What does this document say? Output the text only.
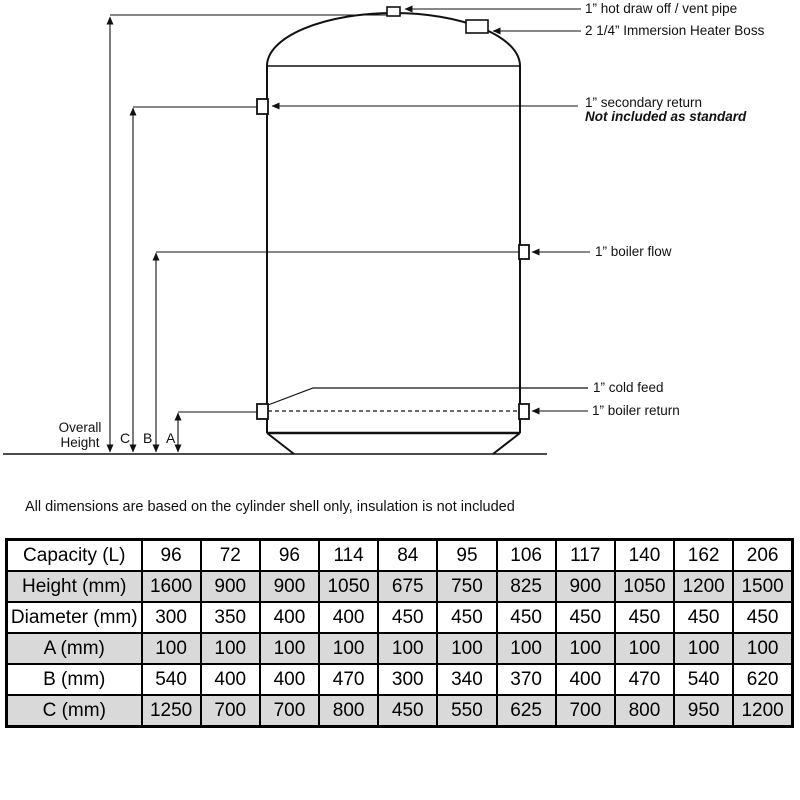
1” hot draw off / vent pipe
2 1/4” Immersion Heater Boss
1” secondary return
Not included as standard
1” boiler flow
1” cold feed
1” boiler return
Overall Height	C B A
All dimensions are based on the cylinder shell only, insulation is not included
Capacity (L)	96	72	96	114	84	95	106	117	140	162	206
Height (mm)	1600	900	900	1050	675	750	825	900	1050	1200	1500
Diameter (mm)	300	350	400	400	450	450	450	450	450	450	450
A (mm)	100	100	100	100	100	100	100	100	100	100	100
B (mm)	540	400	400	470	300	340	370	400	470	540	620
C (mm)	1250	700	700	800	450	550	625	700	800	950	1200
